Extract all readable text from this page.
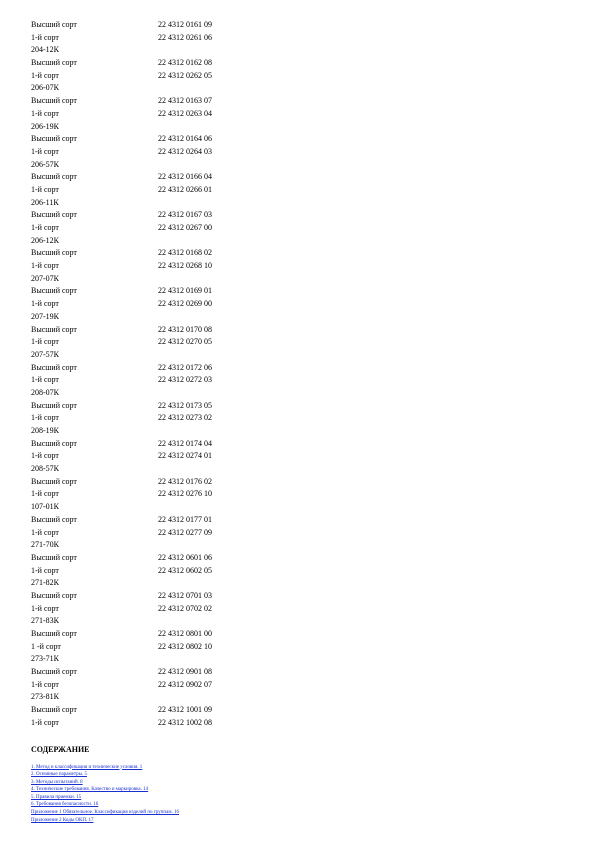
Высший сорт	22 4312 0161 09
1-й сорт	22 4312 0261 06
204-12К
Высший сорт	22 4312 0162 08
1-й сорт	22 4312 0262 05
206-07К
Высший сорт	22 4312 0163 07
1-й сорт	22 4312 0263 04
206-19К
Высший сорт	22 4312 0164 06
1-й сорт	22 4312 0264 03
206-57К
Высший сорт	22 4312 0166 04
1-й сорт	22 4312 0266 01
206-11К
Высший сорт	22 4312 0167 03
1-й сорт	22 4312 0267 00
206-12К
Высший сорт	22 4312 0168 02
1-й сорт	22 4312 0268 10
207-07К
Высший сорт	22 4312 0169 01
1-й сорт	22 4312 0269 00
207-19К
Высший сорт	22 4312 0170 08
1-й сорт	22 4312 0270 05
207-57К
Высший сорт	22 4312 0172 06
1-й сорт	22 4312 0272 03
208-07К
Высший сорт	22 4312 0173 05
1-й сорт	22 4312 0273 02
208-19К
Высший сорт	22 4312 0174 04
1-й сорт	22 4312 0274 01
208-57К
Высший сорт	22 4312 0176 02
1-й сорт	22 4312 0276 10
107-01К
Высший сорт	22 4312 0177 01
1-й сорт	22 4312 0277 09
271-70К
Высший сорт	22 4312 0601 06
1-й сорт	22 4312 0602 05
271-82К
Высший сорт	22 4312 0701 03
1-й сорт	22 4312 0702 02
271-83К
Высший сорт	22 4312 0801 00
1 -й сорт	22 4312 0802 10
273-71К
Высший сорт	22 4312 0901 08
1-й сорт	22 4312 0902 07
273-81К
Высший сорт	22 4312 1001 09
1-й сорт	22 4312 1002 08
СОДЕРЖАНИЕ
1. Метод и классификация и технические условия. 1
2. Основные параметры. 5
3. Методы испытаний. 8
4. Технические требования. Качество и маркировка. 14
5. Правила приемки. 15
6. Требования безопасности. 16
Приложение 1 Обязательное. Классификация изделий по группам. 16
Приложение 2 Коды ОКП. 17
